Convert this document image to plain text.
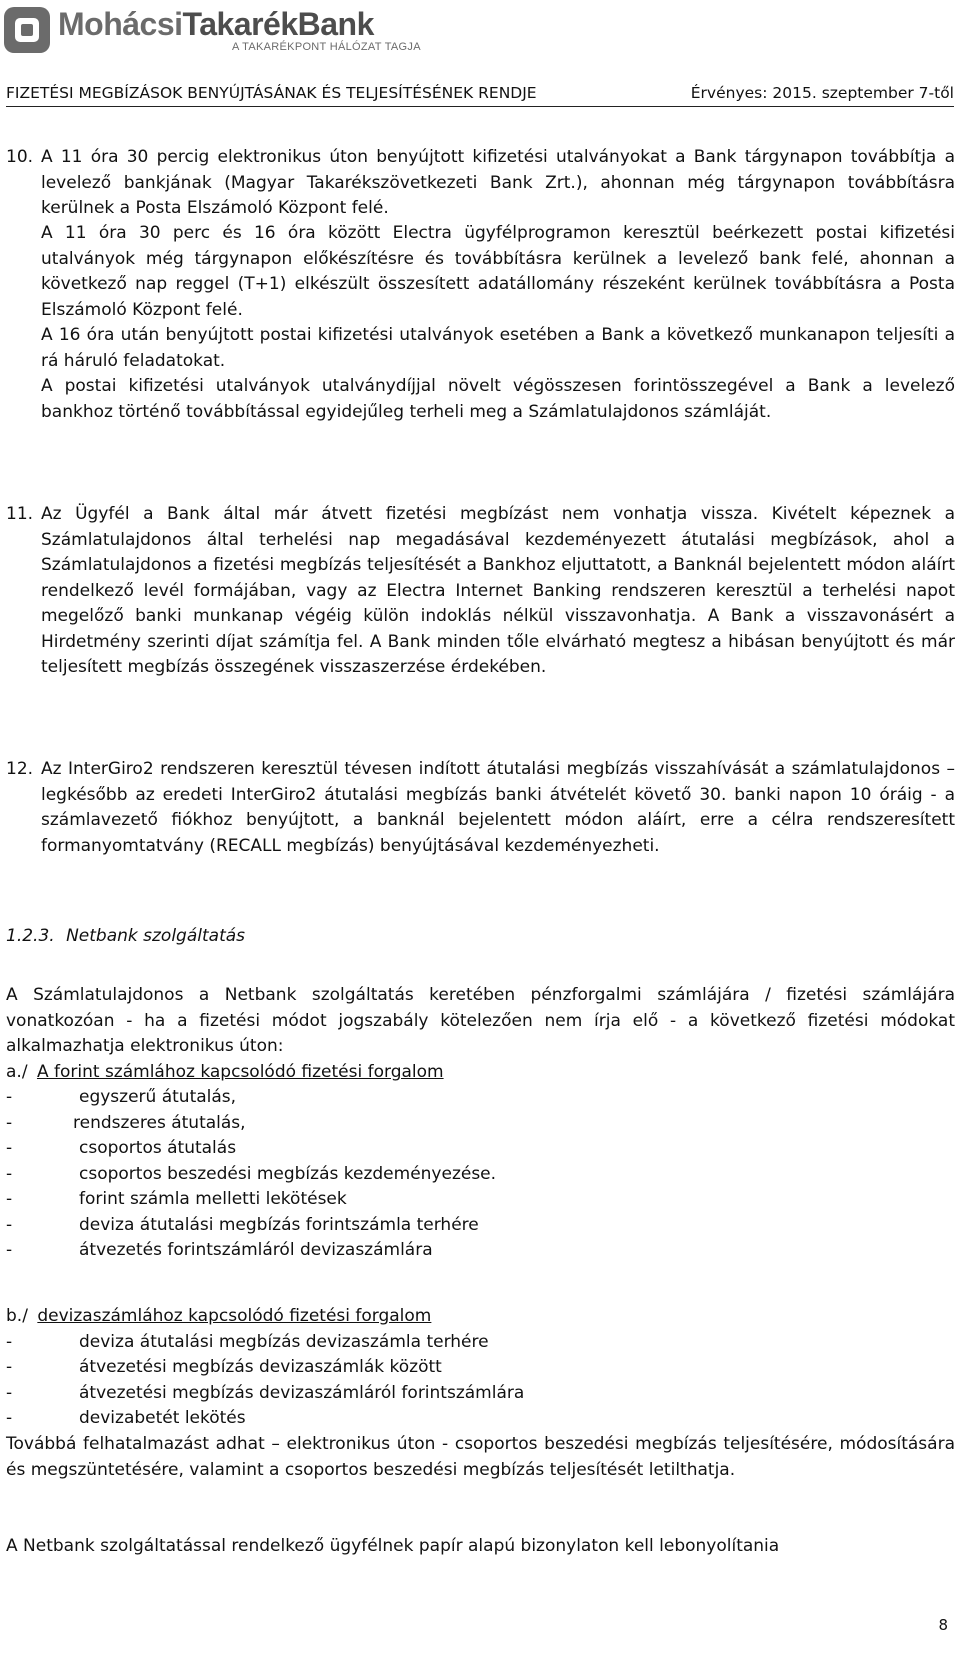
MohácsiTakarékBank
A TAKARÉKPONT HÁLÓZAT TAGJA
FIZETÉSI MEGBÍZÁSOK BENYÚJTÁSÁNAK ÉS TELJESÍTÉSÉNEK RENDJE	Érvényes: 2015. szeptember 7-től
10. A 11 óra 30 percig elektronikus úton benyújtott kifizetési utalványokat a Bank tárgynapon továbbítja a levelező bankjának (Magyar Takarékszövetkezeti Bank Zrt.), ahonnan még tárgynapon továbbításra kerülnek a Posta Elszámoló Központ felé.
A 11 óra 30 perc és 16 óra között Electra ügyfélprogramon keresztül beérkezett postai kifizetési utalványok még tárgynapon előkészítésre és továbbításra kerülnek a levelező bank felé, ahonnan a következő nap reggel (T+1) elkészült összesített adatállomány részeként kerülnek továbbításra a Posta Elszámoló Központ felé.
A 16 óra után benyújtott postai kifizetési utalványok esetében a Bank a következő munkanapon teljesíti a rá háruló feladatokat.
A postai kifizetési utalványok utalványdíjjal növelt végösszesen forintösszegével a Bank a levelező bankhoz történő továbbítással egyidejűleg terheli meg a Számlatulajdonos számláját.
11. Az Ügyfél a Bank által már átvett fizetési megbízást nem vonhatja vissza. Kivételt képeznek a Számlatulajdonos által terhelési nap megadásával kezdeményezett átutalási megbízások, ahol a Számlatulajdonos a fizetési megbízás teljesítését a Bankhoz eljuttatott, a Banknál bejelentett módon aláírt rendelkező levél formájában, vagy az Electra Internet Banking rendszeren keresztül a terhelési napot megelőző banki munkanap végéig külön indoklás nélkül visszavonhatja. A Bank a visszavonásért a Hirdetmény szerinti díjat számítja fel. A Bank minden tőle elvárható megtesz a hibásan benyújtott és már teljesített megbízás összegének visszaszerzése érdekében.
12. Az InterGiro2 rendszeren keresztül tévesen indított átutalási megbízás visszahívását a számlatulajdonos – legkésőbb az eredeti InterGiro2 átutalási megbízás banki átvételét követő 30. banki napon 10 óráig - a számlavezető fiókhoz benyújtott, a banknál bejelentett módon aláírt, erre a célra rendszeresített formanyomtatvány (RECALL megbízás) benyújtásával kezdeményezheti.
1.2.3. Netbank szolgáltatás
A Számlatulajdonos a Netbank szolgáltatás keretében pénzforgalmi számlájára / fizetési számlájára vonatkozóan - ha a fizetési módot jogszabály kötelezően nem írja elő - a következő fizetési módokat alkalmazhatja elektronikus úton:
a./ A forint számlához kapcsolódó fizetési forgalom
-	egyszerű átutalás,
-	rendszeres átutalás,
-	csoportos átutalás
-	csoportos beszedési megbízás kezdeményezése.
-	forint számla melletti lekötések
-	deviza átutalási megbízás forintszámla terhére
-	átvezetés forintszámláról devizaszámlára
b./ devizaszámlához kapcsolódó fizetési forgalom
-	deviza átutalási megbízás devizaszámla terhére
-	átvezetési megbízás devizaszámlák között
-	átvezetési megbízás devizaszámláról forintszámlára
-	devizabetét lekötés
Továbbá felhatalmazást adhat – elektronikus úton - csoportos beszedési megbízás teljesítésére, módosítására és megszüntetésére, valamint a csoportos beszedési megbízás teljesítését letilthatja.
A Netbank szolgáltatással rendelkező ügyfélnek papír alapú bizonylaton kell lebonyolítania
8
